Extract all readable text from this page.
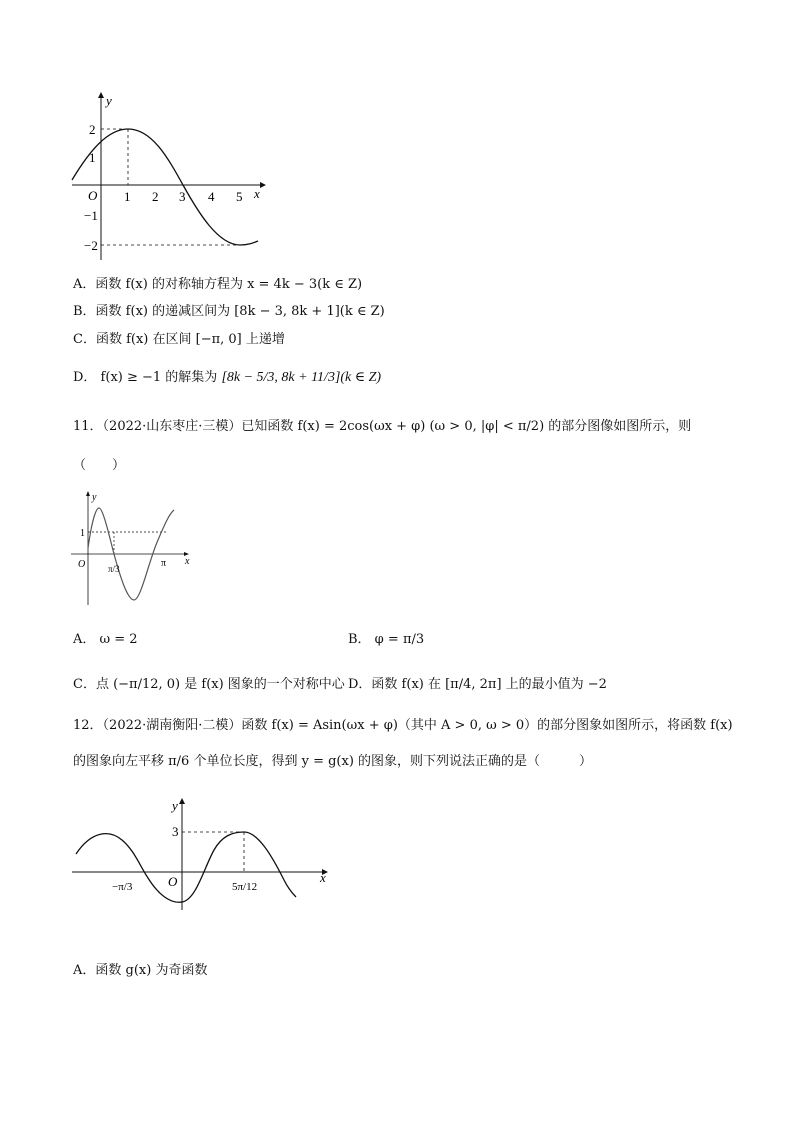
y
x
O 1 2 3 4 5
2
1
−1
−2
A．函数 f(x) 的对称轴方程为 x = 4k − 3(k ∈ Z)
B．函数 f(x) 的递减区间为 [8k − 3, 8k + 1](k ∈ Z)
C．函数 f(x) 在区间 [−π, 0] 上递增
D． f(x) ≥ −1 的解集为 [8k − 5/3, 8k + 11/3](k ∈ Z)
11．（2022·山东枣庄·三模）已知函数 f(x) = 2cos(ωx + φ) (ω > 0, |φ| < π/2) 的部分图像如图所示，则
（　　）
y
x
O
1
π/3	π
A． ω = 2	B． φ = π/3
C．点 (−π/12, 0) 是 f(x) 图象的一个对称中心 D．函数 f(x) 在 [π/4, 2π] 上的最小值为 −2
12．（2022·湖南衡阳·二模）函数 f(x) = Asin(ωx + φ)（其中 A > 0, ω > 0）的部分图象如图所示，将函数 f(x)
的图象向左平移 π/6 个单位长度，得到 y = g(x) 的图象，则下列说法正确的是（　　　）
y
x
O
3
−π/3	5π/12
A．函数 g(x) 为奇函数
